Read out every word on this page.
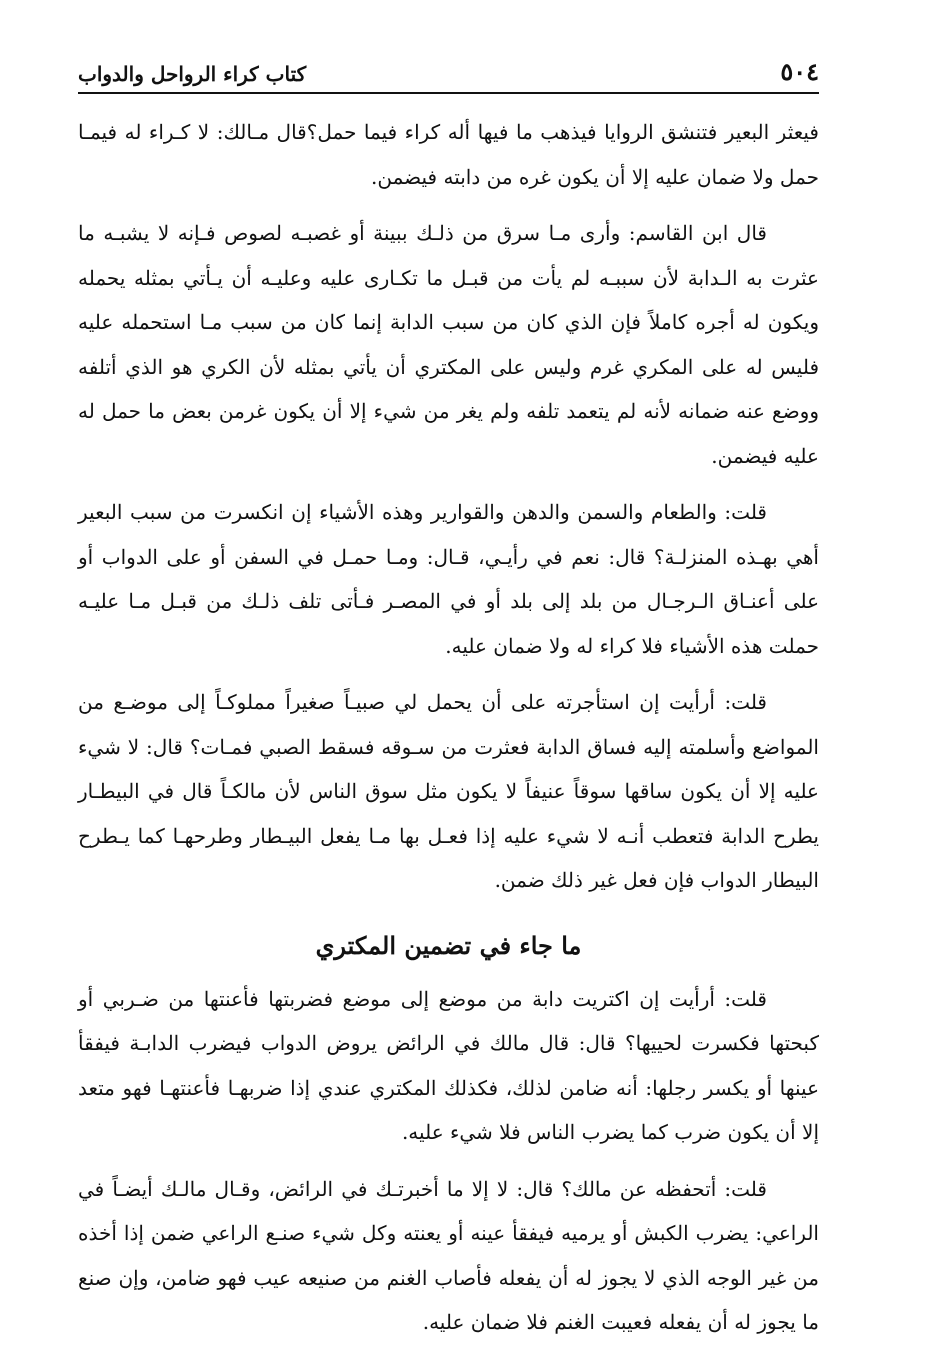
٥٠٤
كتاب كراء الرواحل والدواب

فيعثر البعير فتنشق الروايا فيذهب ما فيها أله كراء فيما حمل؟قال مـالك: لا كـراء له فيمـا حمل ولا ضمان عليه إلا أن يكون غره من دابته فيضمن.

قال ابن القاسم: وأرى مـا سرق من ذلـك ببينة أو غصبـه لصوص فـإنه لا يشبـه ما عثرت به الـدابة لأن سببـه لم يأت من قبـل ما تكـارى عليه وعليـه أن يـأتي بمثله يحمله ويكون له أجره كاملاً فإن الذي كان من سبب الدابة إنما كان من سبب مـا استحمله عليه فليس له على المكري غرم وليس على المكتري أن يأتي بمثله لأن الكري هو الذي أتلفه ووضع عنه ضمانه لأنه لم يتعمد تلفه ولم يغر من شيء إلا أن يكون غرمن بعض ما حمل له عليه فيضمن.

قلت: والطعام والسمن والدهن والقوارير وهذه الأشياء إن انكسرت من سبب البعير أهي بهـذه المنزلـة؟ قال: نعم في رأيـي، قـال: ومـا حمـل في السفن أو على الدواب أو على أعنـاق الـرجـال من بلد إلى بلد أو في المصـر فـأتى تلف ذلـك من قبـل مـا عليـه حملت هذه الأشياء فلا كراء له ولا ضمان عليه.

قلت: أرأيت إن استأجرته على أن يحمل لي صبيـاً صغيراً مملوكـاً إلى موضـع من المواضع وأسلمته إليه فساق الدابة فعثرت من سـوقه فسقط الصبي فمـات؟ قال: لا شيء عليه إلا أن يكون ساقها سوقاً عنيفاً لا يكون مثل سوق الناس لأن مالكـاً قال في البيطـار يطرح الدابة فتعطب أنـه لا شيء عليه إذا فعـل بها مـا يفعل البيـطار وطرحهـا كما يـطرح البيطار الدواب فإن فعل غير ذلك ضمن.

ما جاء في تضمين المكتري

قلت: أرأيت إن اكتريت دابة من موضع إلى موضع فضربتها فأعنتها من ضـربي أو كبحتها فكسرت لحييها؟ قال: قال مالك في الرائض يروض الدواب فيضرب الدابـة فيفقأ عينها أو يكسر رجلها: أنه ضامن لذلك، فكذلك المكتري عندي إذا ضربهـا فأعنتهـا فهو متعد إلا أن يكون ضرب كما يضرب الناس فلا شيء عليه.

قلت: أتحفظه عن مالك؟ قال: لا إلا ما أخبرتـك في الرائض، وقـال مالـك أيضـاً في الراعي: يضرب الكبش أو يرميه فيفقأ عينه أو يعنته وكل شيء صنـع الراعي ضمن إذا أخذه من غير الوجه الذي لا يجوز له أن يفعله فأصاب الغنم من صنيعه عيب فهو ضامن، وإن صنع ما يجوز له أن يفعله فعيبت الغنم فلا ضمان عليه.
